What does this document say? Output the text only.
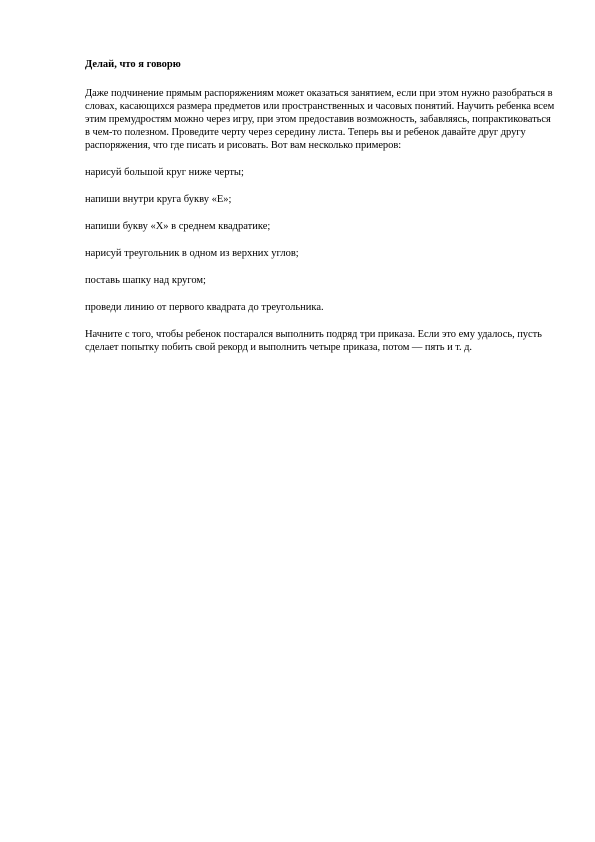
Делай, что я говорю

Даже подчинение прямым распоряжениям может оказаться занятием, если при этом нужно разобраться в словах, касающихся размера предметов или пространственных и часовых понятий. Научить ребенка всем этим премудростям можно через игру, при этом предоставив возможность, забавляясь, попрактиковаться в чем-то полезном. Проведите черту через середину листа. Теперь вы и ребенок давайте друг другу распоряжения, что где писать и рисовать. Вот вам несколько примеров:

нарисуй большой круг ниже черты;

напиши внутри круга букву «Е»;

напиши букву «Х» в среднем квадратике;

нарисуй треугольник в одном из верхних углов;

поставь шапку над кругом;

проведи линию от первого квадрата до треугольника.

Начните с того, чтобы ребенок постарался выполнить подряд три приказа. Если это ему удалось, пусть сделает попытку побить свой рекорд и выполнить четыре приказа, потом — пять и т. д.
